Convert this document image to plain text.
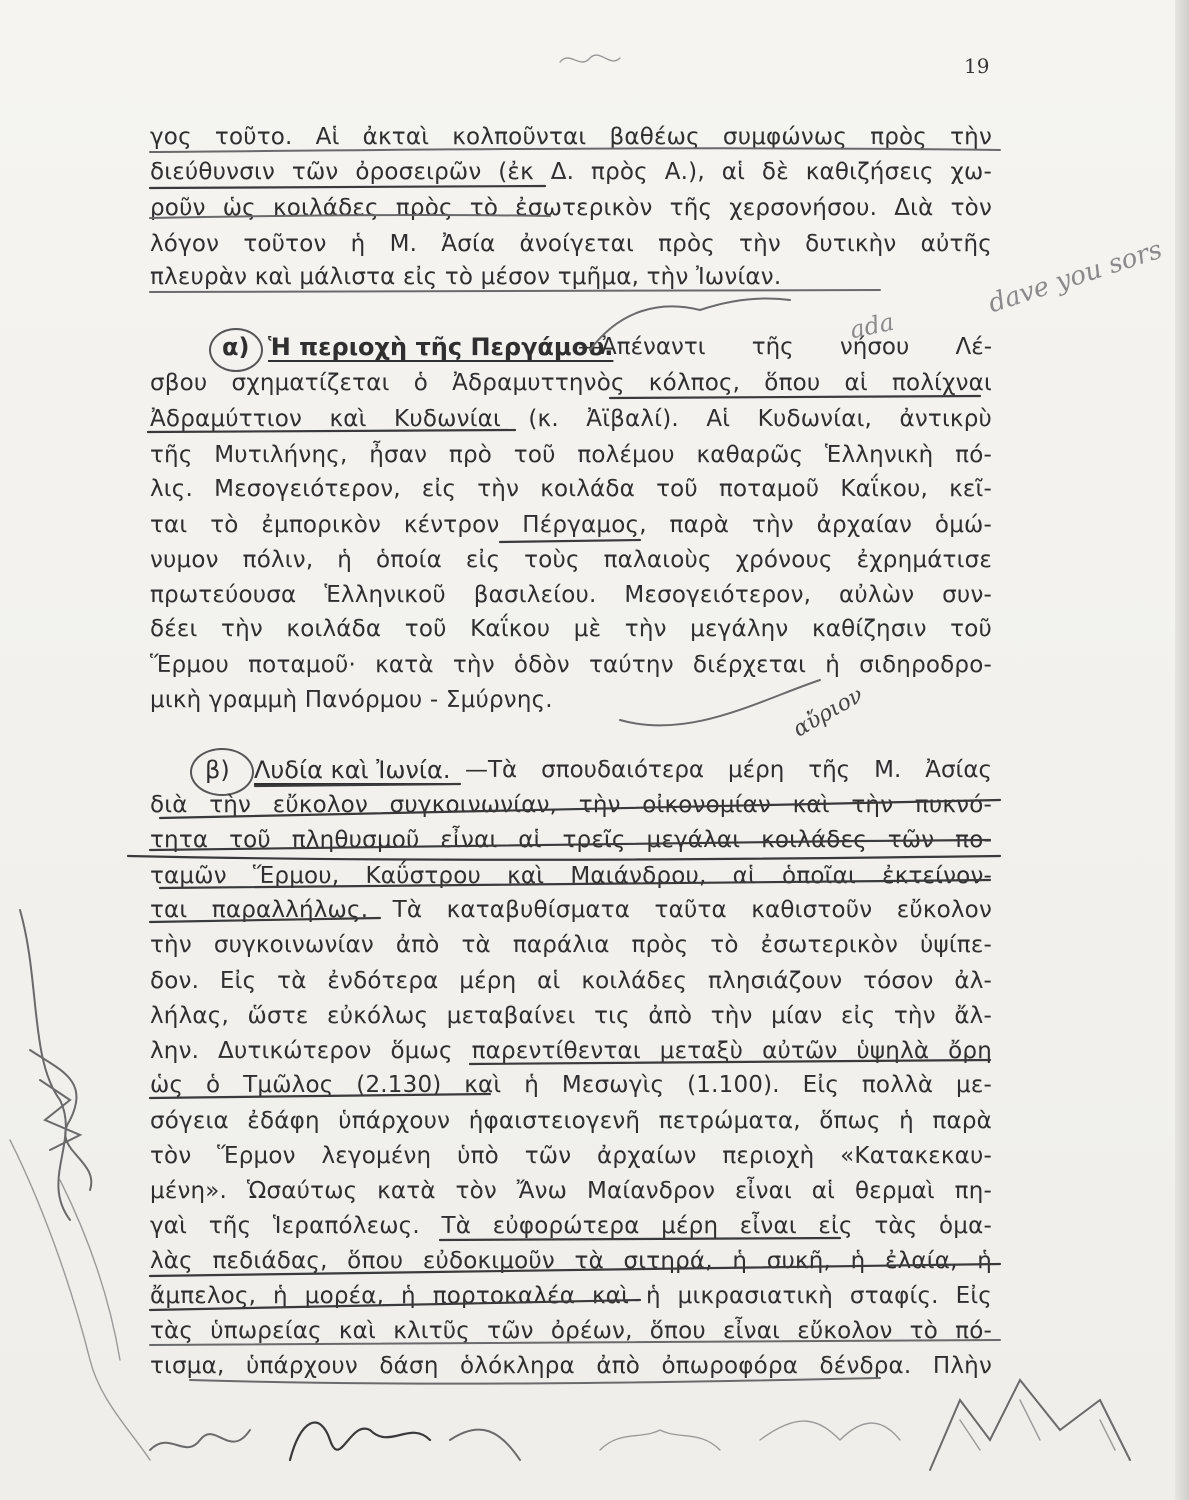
19
γος τοῦτο. Αἱ ἀκταὶ κολποῦνται βαθέως συμφώνως πρὸς τὴν
διεύθυνσιν τῶν ὀροσειρῶν (ἐκ Δ. πρὸς Α.), αἱ δὲ καθιζήσεις χω-
ροῦν ὡς κοιλάδες πρὸς τὸ ἐσωτερικὸν τῆς χερσονήσου. Διὰ τὸν
λόγον τοῦτον ἡ Μ. Ἀσία ἀνοίγεται πρὸς τὴν δυτικὴν αὐτῆς
πλευρὰν καὶ μάλιστα εἰς τὸ μέσον τμῆμα, τὴν Ἰωνίαν.
α) Ἡ περιοχὴ τῆς Περγάμου.
—Ἀπέναντι τῆς νήσου Λέ-
σβου σχηματίζεται ὁ Ἀδραμυττηνὸς κόλπος, ὅπου αἱ πολίχναι
Ἀδραμύττιον καὶ Κυδωνίαι (κ. Ἀϊβαλί). Αἱ Κυδωνίαι, ἀντικρὺ
τῆς Μυτιλήνης, ἦσαν πρὸ τοῦ πολέμου καθαρῶς Ἑλληνικὴ πό-
λις. Μεσογειότερον, εἰς τὴν κοιλάδα τοῦ ποταμοῦ Καΐκου, κεῖ-
ται τὸ ἐμπορικὸν κέντρον Πέργαμος, παρὰ τὴν ἀρχαίαν ὁμώ-
νυμον πόλιν, ἡ ὁποία εἰς τοὺς παλαιοὺς χρόνους ἐχρημάτισε
πρωτεύουσα Ἑλληνικοῦ βασιλείου. Μεσογειότερον, αὐλὼν συν-
δέει τὴν κοιλάδα τοῦ Καΐκου μὲ τὴν μεγάλην καθίζησιν τοῦ
Ἕρμου ποταμοῦ· κατὰ τὴν ὁδὸν ταύτην διέρχεται ἡ σιδηροδρο-
μικὴ γραμμὴ Πανόρμου - Σμύρνης.
β) Λυδία καὶ Ἰωνία. —Τὰ σπουδαιότερα μέρη τῆς Μ. Ἀσίας
διὰ τὴν εὔκολον συγκοινωνίαν, τὴν οἰκονομίαν καὶ τὴν πυκνό-
τητα τοῦ πληθυσμοῦ εἶναι αἱ τρεῖς μεγάλαι κοιλάδες τῶν πο-
ταμῶν Ἕρμου, Καΰστρου καὶ Μαιάνδρου, αἱ ὁποῖαι ἐκτείνον-
ται παραλλήλως. Τὰ καταβυθίσματα ταῦτα καθιστοῦν εὔκολον
τὴν συγκοινωνίαν ἀπὸ τὰ παράλια πρὸς τὸ ἐσωτερικὸν ὑψίπε-
δον. Εἰς τὰ ἐνδότερα μέρη αἱ κοιλάδες πλησιάζουν τόσον ἀλ-
λήλας, ὥστε εὐκόλως μεταβαίνει τις ἀπὸ τὴν μίαν εἰς τὴν ἄλ-
λην. Δυτικώτερον ὅμως παρεντίθενται μεταξὺ αὐτῶν ὑψηλὰ ὄρη
ὡς ὁ Τμῶλος (2.130) καὶ ἡ Μεσωγὶς (1.100). Εἰς πολλὰ με-
σόγεια ἐδάφη ὑπάρχουν ἡφαιστειογενῆ πετρώματα, ὅπως ἡ παρὰ
τὸν Ἕρμον λεγομένη ὑπὸ τῶν ἀρχαίων περιοχὴ «Κατακεκαυ-
μένη». Ὡσαύτως κατὰ τὸν Ἄνω Μαίανδρον εἶναι αἱ θερμαὶ πη-
γαὶ τῆς Ἱεραπόλεως. Τὰ εὐφορώτερα μέρη εἶναι εἰς τὰς ὁμα-
λὰς πεδιάδας, ὅπου εὐδοκιμοῦν τὰ σιτηρά, ἡ συκῆ, ἡ ἐλαία, ἡ
ἄμπελος, ἡ μορέα, ἡ πορτοκαλέα καὶ ἡ μικρασιατικὴ σταφίς. Εἰς
τὰς ὑπωρείας καὶ κλιτῦς τῶν ὀρέων, ὅπου εἶναι εὔκολον τὸ πό-
τισμα, ὑπάρχουν δάση ὁλόκληρα ἀπὸ ὀπωροφόρα δένδρα. Πλὴν
dave you sors
ada
αὔριον
